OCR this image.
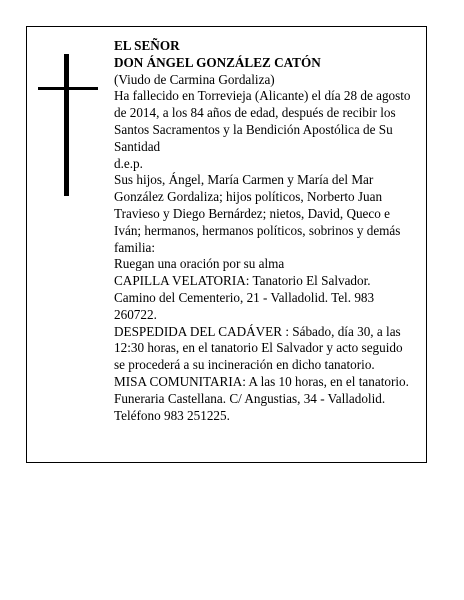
EL SEÑOR

DON ÁNGEL GONZÁLEZ CATÓN

(Viudo de Carmina Gordaliza)

Ha fallecido en Torrevieja (Alicante) el día 28 de agosto de 2014, a los 84 años de edad, después de recibir los Santos Sacramentos y la Bendición Apostólica de Su Santidad

d.e.p.

Sus hijos, Ángel, María Carmen y María del Mar González Gordaliza; hijos políticos, Norberto Juan Travieso y Diego Bernárdez; nietos, David, Queco e Iván; hermanos, hermanos políticos, sobrinos y demás familia:

Ruegan una oración por su alma

CAPILLA VELATORIA: Tanatorio El Salvador. Camino del Cementerio, 21 - Valladolid. Tel. 983 260722.

DESPEDIDA DEL CADÁVER : Sábado, día 30, a las 12:30 horas, en el tanatorio El Salvador y acto seguido se procederá a su incineración en dicho tanatorio.

MISA COMUNITARIA: A las 10 horas, en el tanatorio.

Funeraria Castellana. C/ Angustias, 34 - Valladolid. Teléfono 983 251225.
